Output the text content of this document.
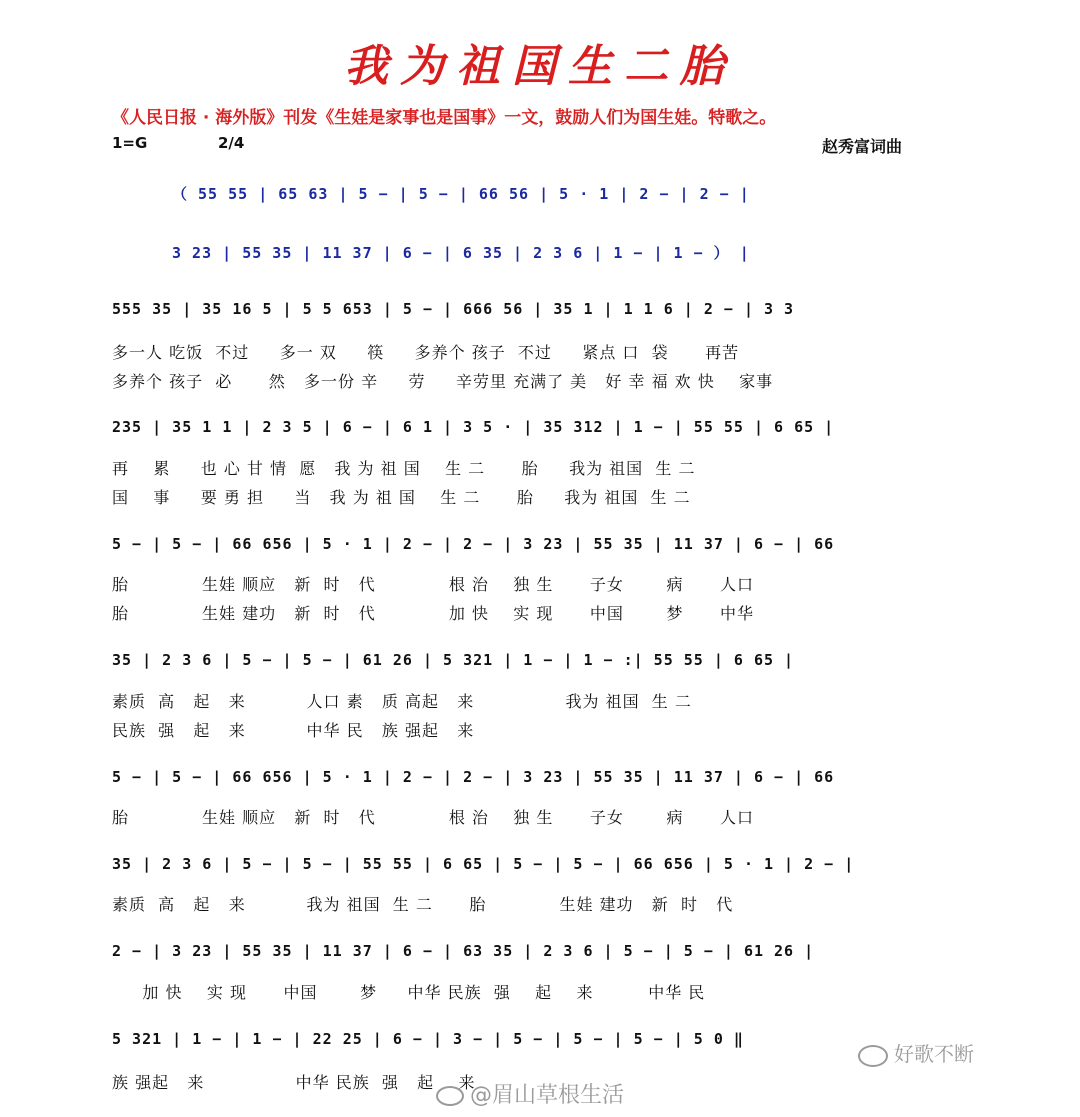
我为祖国生二胎
《人民日报 · 海外版》刊发《生娃是家事也是国事》一文，鼓励人们为国生娃。特歌之。
1=G	2/4	赵秀富词曲
（ 55 55 | 65 63 | 5 − | 5 − | 66 56 | 5 · 1 | 2 − | 2 − |
3 23 | 55 35 | 11 37 | 6 − | 6 35 | 2 3 6 | 1 − | 1 − ） |
555 35 | 35 16 5 | 5 5 653 | 5 − | 666 56 | 35 1 | 1 1 6 | 2 − | 3 3
多一人 吃饭  不过     多一 双     筷     多养个 孩子  不过     紧点 口  袋      再苦
多养个 孩子  必      然   多一份 辛     劳     辛劳里 充满了 美   好 幸 福 欢 快    家事
235 | 35 1 1 | 2 3 5 | 6 − | 6 1 | 3 5 · | 35 312 | 1 − | 55 55 | 6 65 |
再    累     也 心 甘 情  愿   我 为 祖 国    生 二      胎     我为 祖国  生 二
国    事     要 勇 担     当   我 为 祖 国    生 二      胎     我为 祖国  生 二
5 − | 5 − | 66 656 | 5 · 1 | 2 − | 2 − | 3 23 | 55 35 | 11 37 | 6 − | 66
胎            生娃 顺应   新  时   代            根 治    独 生      子女       病      人口
胎            生娃 建功   新  时   代            加 快    实 现      中国       梦      中华
35 | 2 3 6 | 5 − | 5 − | 61 26 | 5 321 | 1 − | 1 − :| 55 55 | 6 65 |
素质  高   起   来          人口 素   质 高起   来               我为 祖国  生 二
民族  强   起   来          中华 民   族 强起   来
5 − | 5 − | 66 656 | 5 · 1 | 2 − | 2 − | 3 23 | 55 35 | 11 37 | 6 − | 66
胎            生娃 顺应   新  时   代            根 治    独 生      子女       病      人口
35 | 2 3 6 | 5 − | 5 − | 55 55 | 6 65 | 5 − | 5 − | 66 656 | 5 · 1 | 2 − |
素质  高   起   来          我为 祖国  生 二      胎            生娃 建功   新  时   代
2 − | 3 23 | 55 35 | 11 37 | 6 − | 63 35 | 2 3 6 | 5 − | 5 − | 61 26 |
加 快    实 现      中国       梦     中华 民族  强    起    来         中华 民
5 321 | 1 − | 1 − | 22 25 | 6 − | 3 − | 5 − | 5 − | 5 − | 5 0 ‖
族 强起   来               中华 民族  强   起    来
好歌不断
@眉山草根生活
